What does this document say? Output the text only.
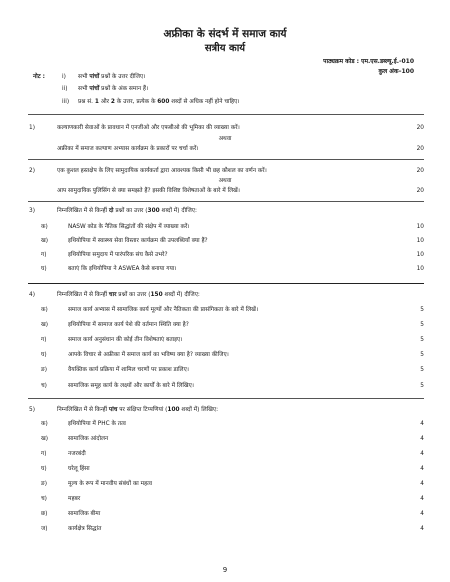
अफ्रीका के संदर्भ में समाज कार्य
सत्रीय कार्य
पाठ्यक्रम कोड : एम.एस.डब्ल्यू.ई.-010
कुल अंक–100
नोट :	i) सभी पांचों प्रश्नों के उत्तर दीजिए।
ii) सभी पांचों प्रश्नों के अंक समान हैं।
iii) प्रश्न सं. 1 और 2 के उत्तर, प्रत्येक के 600 शब्दों से अधिक नहीं होने चाहिए।
1)	कल्याणकारी सेवाओं के प्रावधान में एनजीओ और एफबीओ की भूमिका की व्याख्या करें।	20
अथवा
अफ्रीका में समाज कल्याण अभ्यास कार्यक्रम के प्रकारों पर चर्चा करें।	20
2)	एक कुशल हस्तक्षेप के लिए सामुदायिक कार्यकर्ता द्वारा आवश्यक किसी भी छह कौशल का वर्णन करें।	20
अथवा
आप सामुदायिक पुलिसिंग से क्या समझते हैं? इसकी विशिष्ट विशेषताओं के बारे में लिखें।	20
3)	निम्नलिखित में से किन्हीं दो प्रश्नों का उत्तर (300 शब्दों में) दीजिए:
क)	NASW कोड के नैतिक सिद्धांतों की संक्षेप में व्याख्या करें।	10
ख)	इथियोपिया में स्वास्थ्य सेवा विस्तार कार्यक्रम की उपलब्धियाँ क्या हैं?	10
ग)	इथियोपिया समुदाय में पारंपरिक संघ कैसे उभरे?	10
घ)	बताएं कि इथियोपिया ने ASWEA कैसे बनाया गया।	10
4)	निम्नलिखित में से किन्हीं चार प्रश्नों का उत्तर (150 शब्दों में) दीजिए:
क)	समाज कार्य अभ्यास में सामाजिक कार्य मूल्यों और नैतिकता की प्रासंगिकता के बारे में लिखें।	5
ख)	इथियोपिया में सामाज कार्य पेशे की वर्तमान स्थिति क्या है?	5
ग)	समाज कार्य अनुसंधान की कोई तीन विशेषताएं बताइए।	5
घ)	आपके विचार से अफ्रीका में समाज कार्य का भविष्य क्या है? व्याख्या कीजिए।	5
ङ)	वैयक्तिक कार्य प्रक्रिया में शामिल चरणों पर प्रकाश डालिए।	5
च)	सामाजिक समूह कार्य के लक्ष्यों और कार्यों के बारे में लिखिए।	5
5)	निम्नलिखित में से किन्हीं पांच पर संक्षिप्त टिप्पणियां (100 शब्दों में) लिखिए:
क)	इथियोपिया में PHC के तत्व	4
ख)	सामाजिक आंदोलन	4
ग)	नजरबंदी	4
घ)	घरेलू हिंसा	4
ङ)	मूल्य के रूप में मानवीय संबंधों का महत्व	4
च)	महबर	4
छ)	सामाजिक बीमा	4
ज)	कार्यक्षेत्र सिद्धांत	4
9
